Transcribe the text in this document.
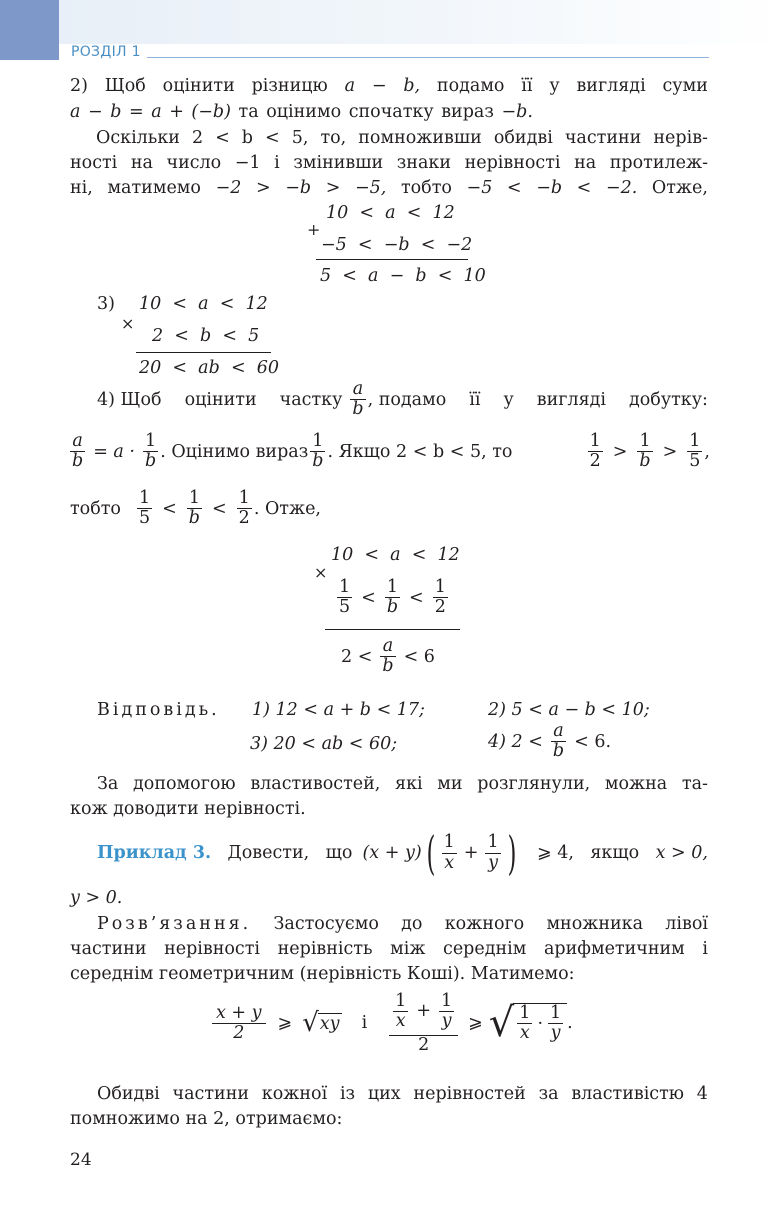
РОЗДІЛ 1
2) Щоб оцінити різницю a − b, подамо її у вигляді суми
a − b = a + (−b) та оцінимо спочатку вираз −b.
Оскільки 2 < b < 5, то, помноживши обидві частини нерів-
ності на число −1 і змінивши знаки нерівності на протилеж-
ні, матимемо −2 > −b > −5, тобто −5 < −b < −2. Отже,
+
10  <  a  <  12
−5  <  −b  <  −2
5  <  a  −  b  <  10
3)
×
10  <  a  <  12
2  <  b  <  5
20  <  ab  <  60
4) Щоб оцінити частку $\frac{a}{b}$ , подамо її у вигляді добутку:
$\frac{a}{b} = a \cdot \frac{1}{b}$ . Оцінимо вираз $\frac{1}{b}$ . Якщо 2 < b < 5, то	$\frac{1}{2} > \frac{1}{b} > \frac{1}{5}$ ,
тобто $\frac{1}{5} < \frac{1}{b} < \frac{1}{2}$ . Отже,
×
10  <  a  <  12
$\frac{1}{5} < \frac{1}{b} < \frac{1}{2}$
$2 < \frac{a}{b} < 6$
Відповідь. 1) 12 < a + b < 17;	2) 5 < a − b < 10;
3) 20 < ab < 60;	4) $2 < \frac{a}{b} < 6$.
За допомогою властивостей, які ми розглянули, можна та-
кож доводити нерівності.
Приклад 3. Довести, що (x + y) ( $\frac{1}{x} + \frac{1}{y}$ ) ⩾ 4, якщо x > 0,
y > 0.
Розв’язання. Застосуємо до кожного множника лівої
частини нерівності нерівність між середнім арифметичним і
середнім геометричним (нерівність Коші). Матимемо:
$\frac{x + y}{2}$ ⩾ √ xy і $\frac{\frac{1}{x} + \frac{1}{y}}{2}$ ⩾ √ $\frac{1}{x} \cdot \frac{1}{y}$ .
Обидві частини кожної із цих нерівностей за властивістю 4
помножимо на 2, отримаємо:
24
